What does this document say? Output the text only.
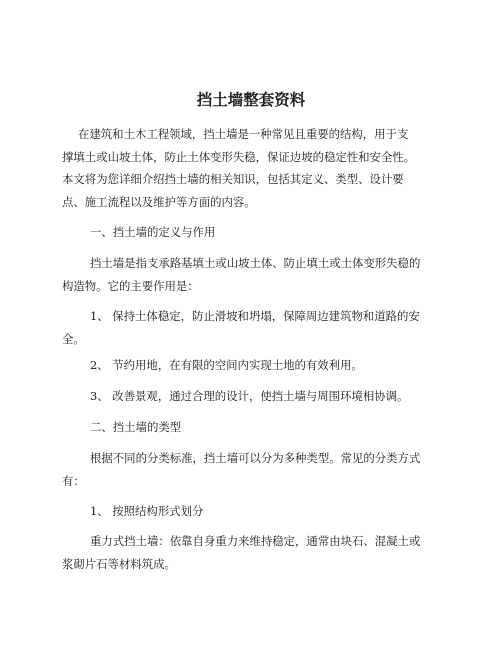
挡土墙整套资料

在建筑和土木工程领域，挡土墙是一种常见且重要的结构，用于支
撑填土或山坡土体，防止土体变形失稳，保证边坡的稳定性和安全性。
本文将为您详细介绍挡土墙的相关知识，包括其定义、类型、设计要
点、施工流程以及维护等方面的内容。

一、挡土墙的定义与作用

挡土墙是指支承路基填土或山坡土体、防止填土或土体变形失稳的
构造物。它的主要作用是：

1、 保持土体稳定，防止滑坡和坍塌，保障周边建筑物和道路的安
全。

2、 节约用地，在有限的空间内实现土地的有效利用。

3、 改善景观，通过合理的设计，使挡土墙与周围环境相协调。

二、挡土墙的类型

根据不同的分类标准，挡土墙可以分为多种类型。常见的分类方式
有：

1、 按照结构形式划分

重力式挡土墙：依靠自身重力来维持稳定，通常由块石、混凝土或
浆砌片石等材料筑成。
